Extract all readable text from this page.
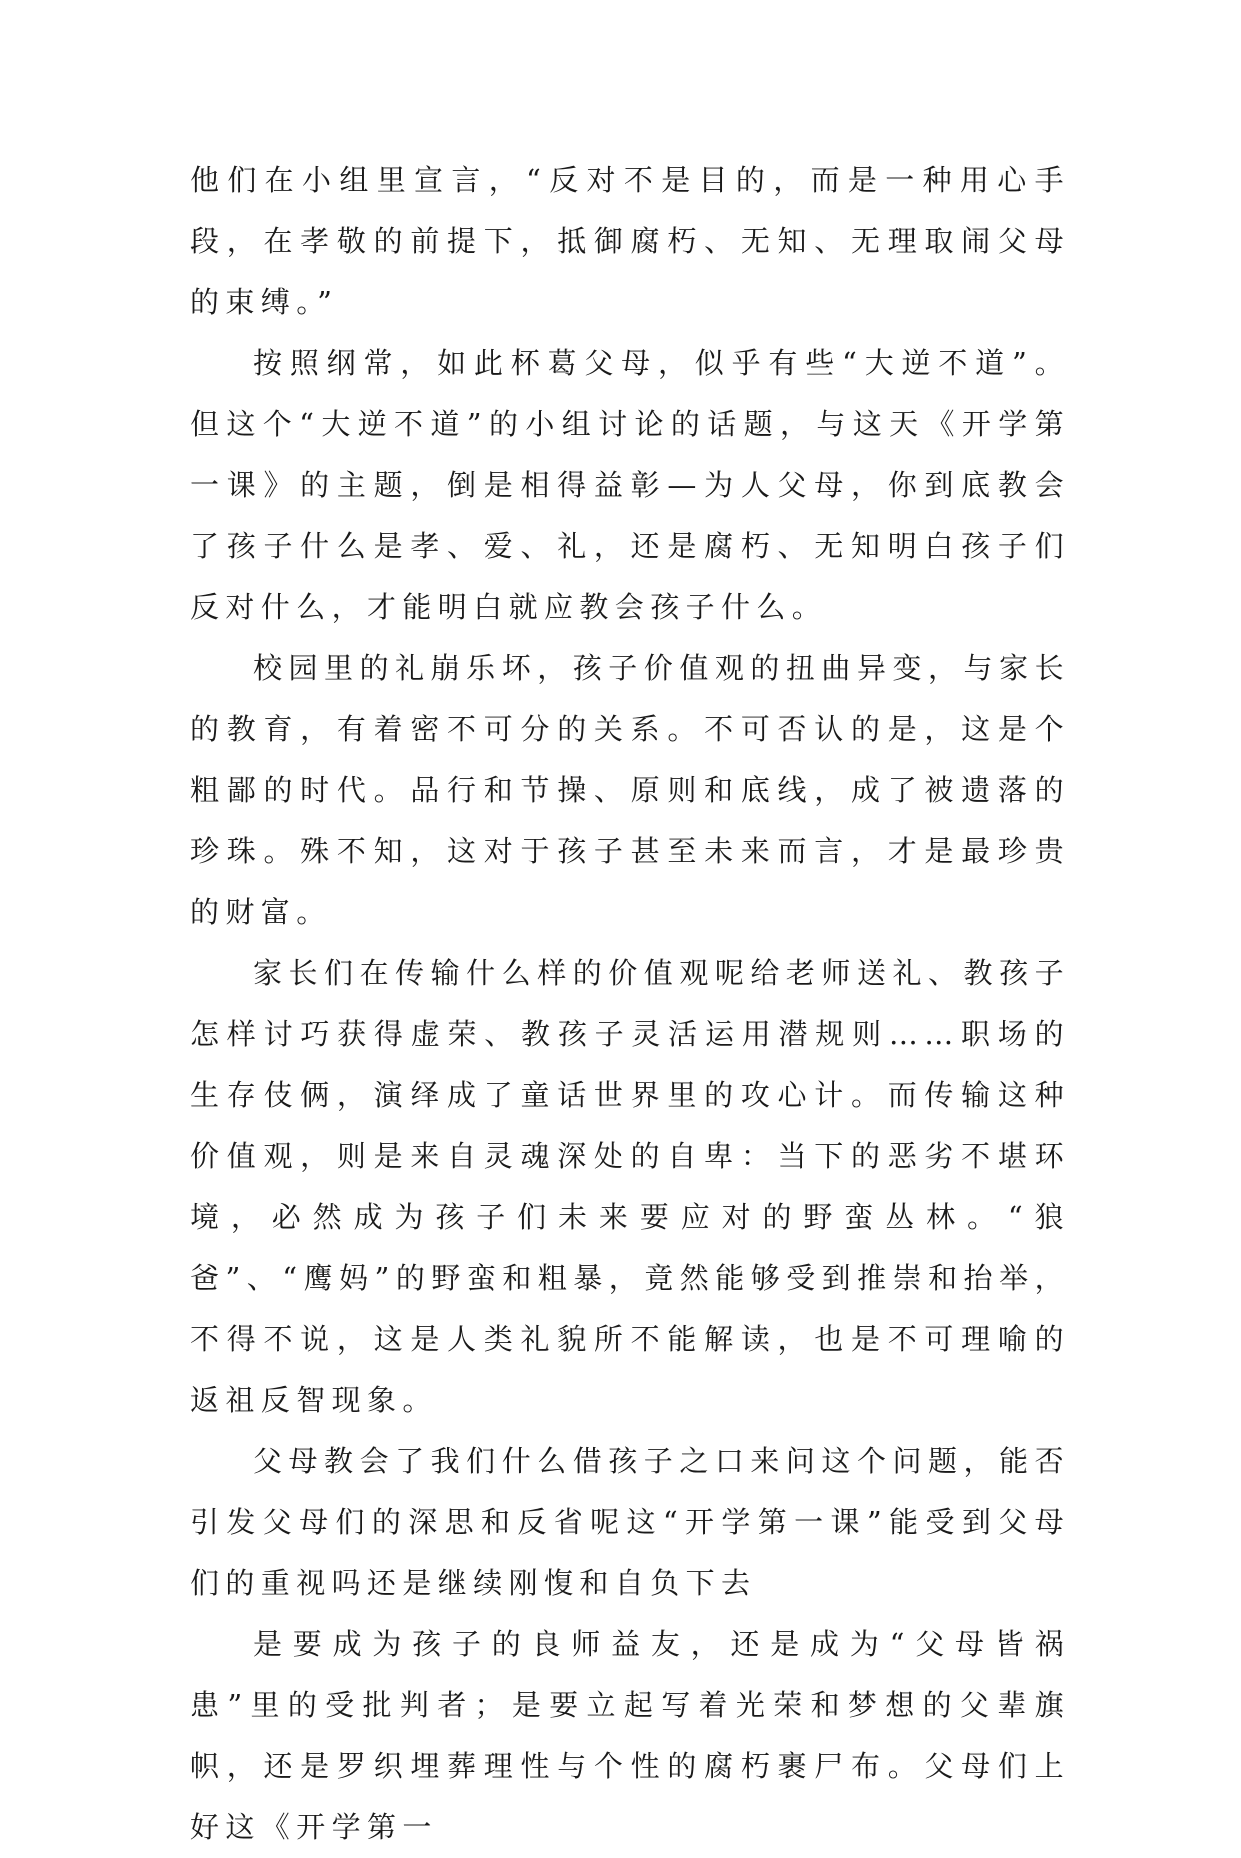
他们在小组里宣言，“反对不是目的，而是一种用心手段，在孝敬的前提下，抵御腐朽、无知、无理取闹父母的束缚。”

按照纲常，如此杯葛父母，似乎有些“大逆不道”。但这个“大逆不道”的小组讨论的话题，与这天《开学第一课》的主题，倒是相得益彰—为人父母，你到底教会了孩子什么是孝、爱、礼，还是腐朽、无知明白孩子们反对什么，才能明白就应教会孩子什么。

校园里的礼崩乐坏，孩子价值观的扭曲异变，与家长的教育，有着密不可分的关系。不可否认的是，这是个粗鄙的时代。品行和节操、原则和底线，成了被遗落的珍珠。殊不知，这对于孩子甚至未来而言，才是最珍贵的财富。

家长们在传输什么样的价值观呢给老师送礼、教孩子怎样讨巧获得虚荣、教孩子灵活运用潜规则……职场的生存伎俩，演绎成了童话世界里的攻心计。而传输这种价值观，则是来自灵魂深处的自卑：当下的恶劣不堪环境，必然成为孩子们未来要应对的野蛮丛林。“狼爸”、“鹰妈”的野蛮和粗暴，竟然能够受到推崇和抬举，不得不说，这是人类礼貌所不能解读，也是不可理喻的返祖反智现象。

父母教会了我们什么借孩子之口来问这个问题，能否引发父母们的深思和反省呢这“开学第一课”能受到父母们的重视吗还是继续刚愎和自负下去

是要成为孩子的良师益友，还是成为“父母皆祸患”里的受批判者；是要立起写着光荣和梦想的父辈旗帜，还是罗织埋葬理性与个性的腐朽裹尸布。父母们上好这《开学第一
